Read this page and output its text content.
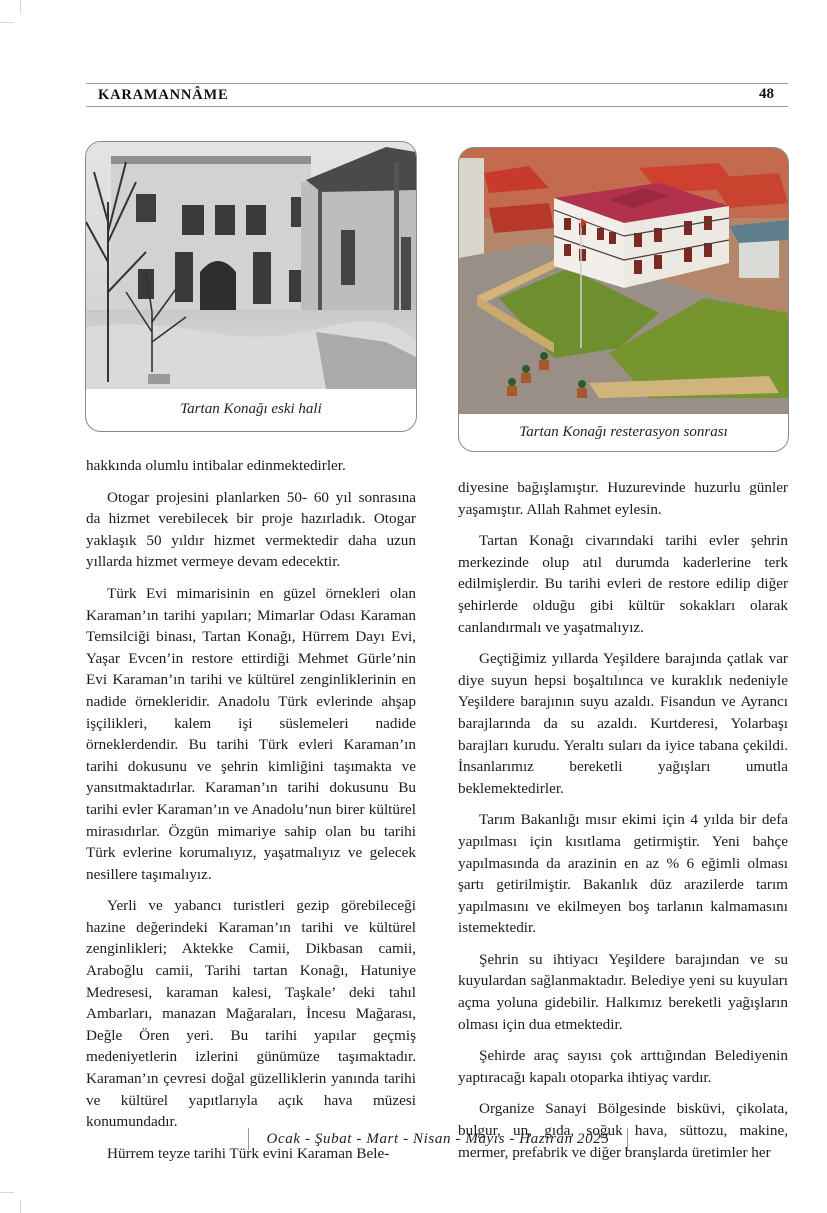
KARAMANNÂME	48
Tartan Konağı eski hali
Tartan Konağı resterasyon sonrası

hakkında olumlu intibalar edinmektedirler.

Otogar projesini planlarken 50- 60 yıl sonrasına da hizmet verebilecek bir proje hazırladık. Otogar yaklaşık 50 yıldır hizmet vermektedir daha uzun yıllarda hizmet vermeye devam edecektir.

Türk Evi mimarisinin en güzel örnekleri olan Karaman’ın tarihi yapıları; Mimarlar Odası Karaman Temsilciği binası, Tartan Konağı, Hürrem Dayı Evi, Yaşar Evcen’in restore ettirdiği Mehmet Gürle’nin Evi Karaman’ın tarihi ve kültürel zenginliklerinin en nadide örnekleridir. Anadolu Türk evlerinde ahşap işçilikleri, kalem işi süslemeleri nadide örneklerdendir. Bu tarihi Türk evleri Karaman’ın tarihi dokusunu ve şehrin kimliğini taşımakta ve yansıtmaktadırlar. Karaman’ın tarihi dokusunu Bu tarihi evler Karaman’ın ve Anadolu’nun birer kültürel mirasıdırlar. Özgün mimariye sahip olan bu tarihi Türk evlerine korumalıyız, yaşatmalıyız ve gelecek nesillere taşımalıyız.

Yerli ve yabancı turistleri gezip görebileceği hazine değerindeki Karaman’ın tarihi ve kültürel zenginlikleri; Aktekke Camii, Dikbasan camii, Araboğlu camii, Tarihi tartan Konağı, Hatuniye Medresesi, karaman kalesi, Taşkale’ deki tahıl Ambarları, manazan Mağaraları, İncesu Mağarası, Değle Ören yeri. Bu tarihi yapılar geçmiş medeniyetlerin izlerini günümüze taşımaktadır. Karaman’ın çevresi doğal güzelliklerin yanında tarihi ve kültürel yapıtlarıyla açık hava müzesi konumundadır.

Hürrem teyze tarihi Türk evini Karaman Bele-

diyesine bağışlamıştır. Huzurevinde huzurlu günler yaşamıştır. Allah Rahmet eylesin.

Tartan Konağı civarındaki tarihi evler şehrin merkezinde olup atıl durumda kaderlerine terk edilmişlerdir. Bu tarihi evleri de restore edilip diğer şehirlerde olduğu gibi kültür sokakları olarak canlandırmalı ve yaşatmalıyız.

Geçtiğimiz yıllarda Yeşildere barajında çatlak var diye suyun hepsi boşaltılınca ve kuraklık nedeniyle Yeşildere barajının suyu azaldı. Fisandun ve Ayrancı barajlarında da su azaldı. Kurtderesi, Yolarbaşı barajları kurudu. Yeraltı suları da iyice tabana çekildi. İnsanlarımız bereketli yağışları umutla beklemektedirler.

Tarım Bakanlığı mısır ekimi için 4 yılda bir defa yapılması için kısıtlama getirmiştir. Yeni bahçe yapılmasında da arazinin en az % 6 eğimli olması şartı getirilmiştir. Bakanlık düz arazilerde tarım yapılmasını ve ekilmeyen boş tarlanın kalmamasını istemektedir.

Şehrin su ihtiyacı Yeşildere barajından ve su kuyulardan sağlanmaktadır. Belediye yeni su kuyuları açma yoluna gidebilir. Halkımız bereketli yağışların olması için dua etmektedir.

Şehirde araç sayısı çok arttığından Belediyenin yaptıracağı kapalı otoparka ihtiyaç vardır.

Organize Sanayi Bölgesinde bisküvi, çikolata, bulgur, un, gıda, soğuk hava, süttozu, makine, mermer, prefabrik ve diğer branşlarda üretimler her

Ocak - Şubat - Mart - Nisan - Mayıs - Haziran 2025
